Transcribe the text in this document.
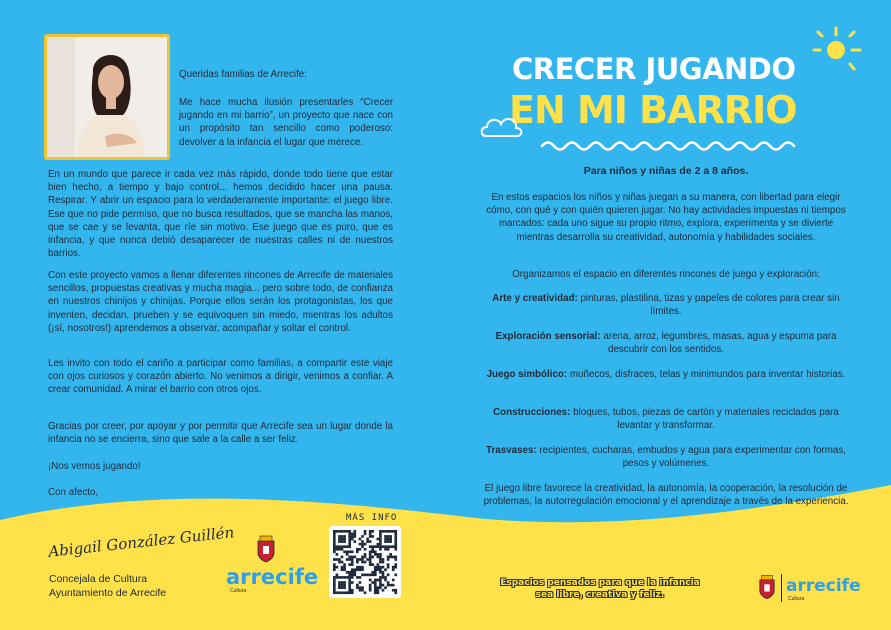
Queridas familias de Arrecife:

Me hace mucha ilusión presentarles “Crecer jugando en mi barrio”, un proyecto que nace con un propósito tan sencillo como poderoso: devolver a la infancia el lugar que merece.

En un mundo que parece ir cada vez más rápido, donde todo tiene que estar bien hecho, a tiempo y bajo control... hemos decidido hacer una pausa. Respirar. Y abrir un espacio para lo verdaderamente importante: el juego libre. Ese que no pide permiso, que no busca resultados, que se mancha las manos, que se cae y se levanta, que ríe sin motivo. Ese juego que es puro, que es infancia, y que nunca debió desaparecer de nuestras calles ni de nuestros barrios.

Con este proyecto vamos a llenar diferentes rincones de Arrecife de materiales sencillos, propuestas creativas y mucha magia... pero sobre todo, de confianza en nuestros chinijos y chinijas. Porque ellos serán los protagonistas, los que inventen, decidan, prueben y se equivoquen sin miedo, mientras los adultos (¡sí, nosotros!) aprendemos a observar, acompañar y soltar el control.

Les invito con todo el cariño a participar como familias, a compartir este viaje con ojos curiosos y corazón abierto. No venimos a dirigir, venimos a confiar. A crear comunidad. A mirar el barrio con otros ojos.

Gracias por creer, por apoyar y por permitir que Arrecife sea un lugar donde la infancia no se encierra, sino que sale a la calle a ser feliz.

¡Nos vemos jugando!

Con afecto,

Abigail González Guillén
Concejala de Cultura
Ayuntamiento de Arrecife
arrecife
Cultura
MÁS INFO
CRECER JUGANDO
EN MI BARRIO
Para niños y niñas de 2 a 8 años.

En estos espacios los niños y niñas juegan a su manera, con libertad para elegir cómo, con qué y con quién quieren jugar. No hay actividades impuestas ni tiempos marcados: cada uno sigue su propio ritmo, explora, experimenta y se divierte mientras desarrolla su creatividad, autonomía y habilidades sociales.

Organizamos el espacio en diferentes rincones de juego y exploración:

Arte y creatividad: pinturas, plastilina, tizas y papeles de colores para crear sin límites.

Exploración sensorial: arena, arroz, legumbres, masas, agua y espuma para descubrir con los sentidos.

Juego simbólico: muñecos, disfraces, telas y minimundos para inventar historias.

Construcciones: bloques, tubos, piezas de cartón y materiales reciclados para levantar y transformar.

Trasvases: recipientes, cucharas, embudos y agua para experimentar con formas, pesos y volúmenes.

El juego libre favorece la creatividad, la autonomía, la cooperación, la resolución de problemas, la autorregulación emocional y el aprendizaje a través de la experiencia.

Espacios pensados para que la infancia
sea libre, creativa y feliz.	arrecife
Cultura
